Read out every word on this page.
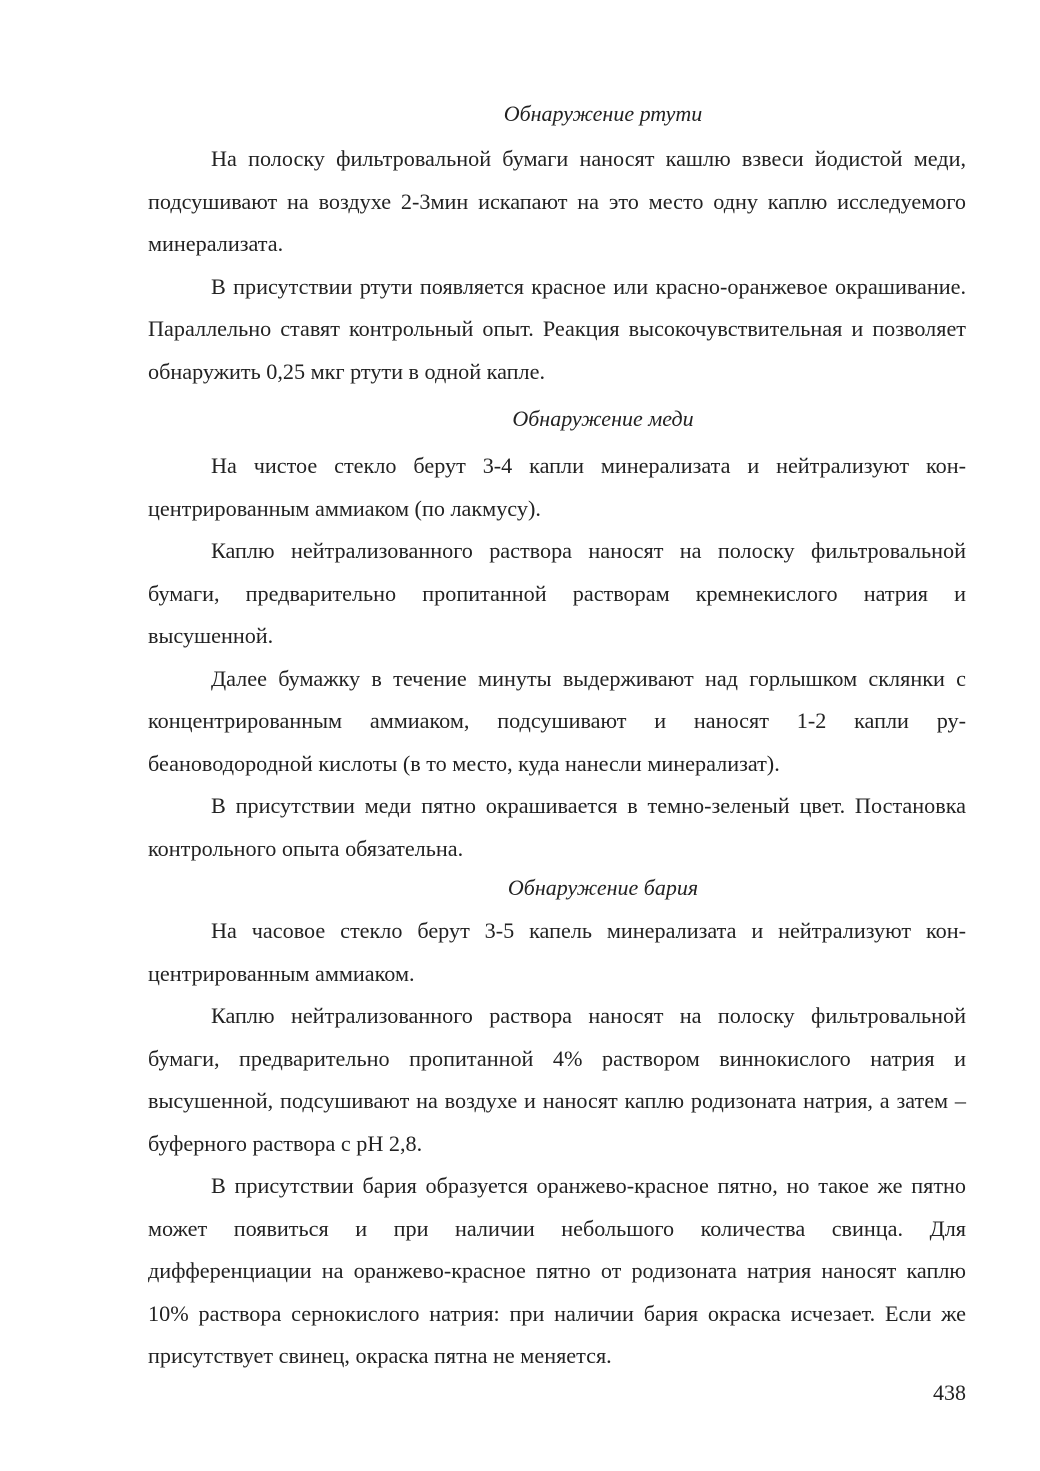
Обнаружение ртути

На полоску фильтровальной бумаги наносят кашлю взвеси йодистой меди, подсушивают на воздухе 2-3мин искапают на это место одну каплю исследуемого минерализата.

В присутствии ртути появляется красное или красно-оранжевое окрашивание. Параллельно ставят контрольный опыт. Реакция высокочувствительная и позволяет обнаружить 0,25 мкг ртути в одной капле.

Обнаружение меди

На чистое стекло берут 3-4 капли минерализата и нейтрализуют концентрированным аммиаком (по лакмусу).

Каплю нейтрализованного раствора наносят на полоску фильтровальной бумаги, предварительно пропитанной растворам кремнекислого натрия и высушенной.

Далее бумажку в течение минуты выдерживают над горлышком склянки с концентрированным аммиаком, подсушивают и наносят 1-2 капли рубеановодородной кислоты (в то место, куда нанесли минерализат).

В присутствии меди пятно окрашивается в темно-зеленый цвет. Постановка контрольного опыта обязательна.

Обнаружение бария

На часовое стекло берут 3-5 капель минерализата и нейтрализуют концентрированным аммиаком.

Каплю нейтрализованного раствора наносят на полоску фильтровальной бумаги, предварительно пропитанной 4% раствором виннокислого натрия и высушенной, подсушивают на воздухе и наносят каплю родизоната натрия, а затем – буферного раствора с pH 2,8.

В присутствии бария образуется оранжево-красное пятно, но такое же пятно может появиться и при наличии небольшого количества свинца. Для дифференциации на оранжево-красное пятно от родизоната натрия наносят каплю 10% раствора сернокислого натрия: при наличии бария окраска исчезает. Если же присутствует свинец, окраска пятна не меняется.

438
